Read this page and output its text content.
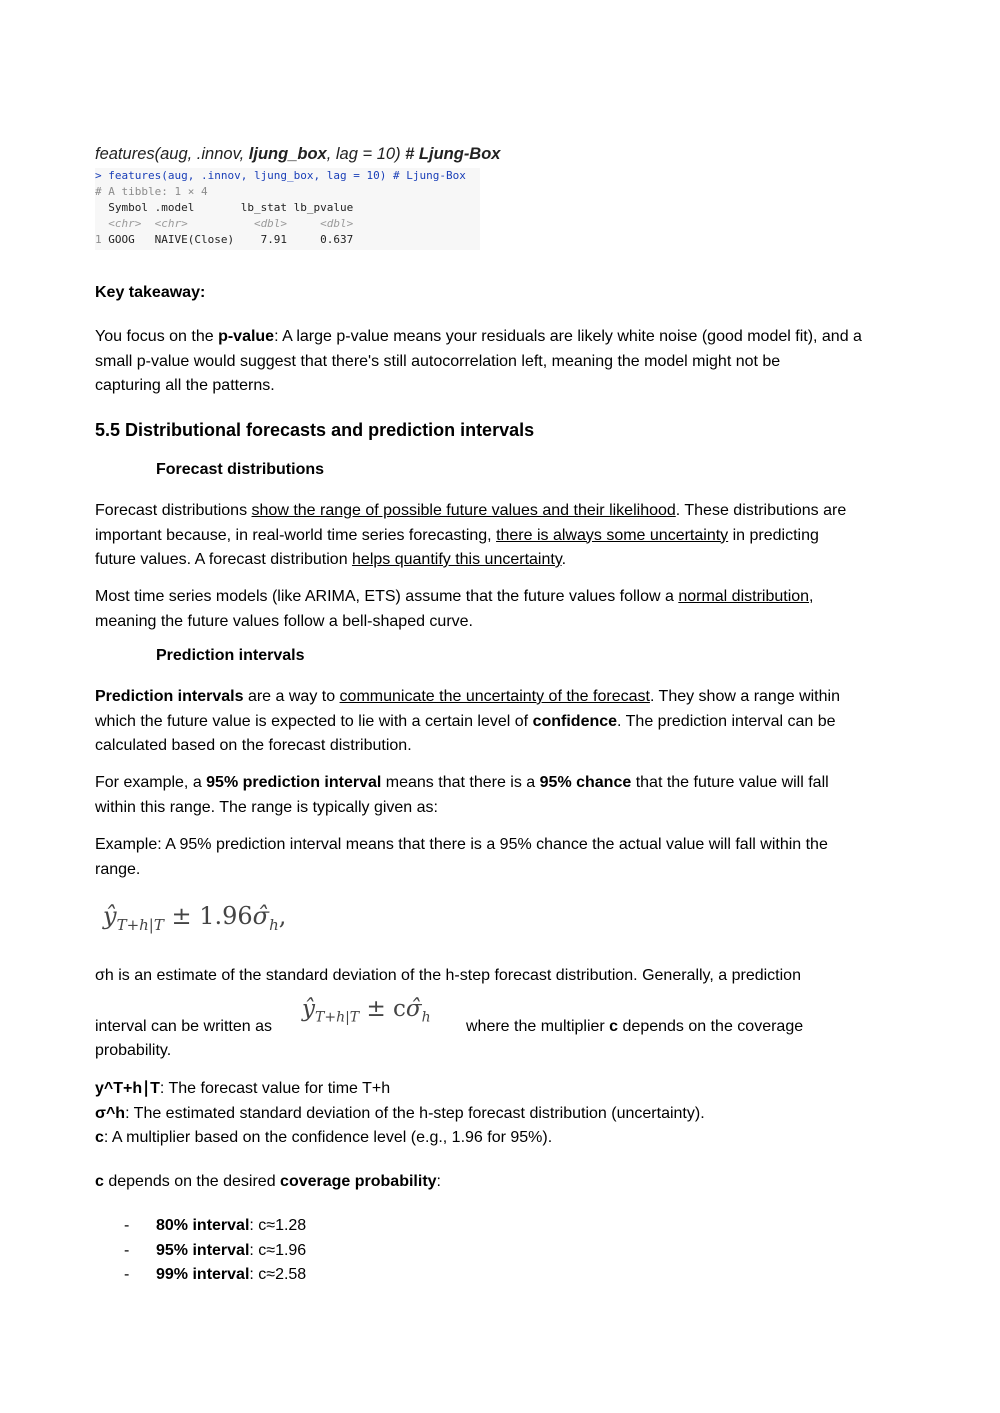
features(aug, .innov, ljung_box, lag = 10) # Ljung-Box
> features(aug, .innov, ljung_box, lag = 10) # Ljung-Box
# A tibble: 1 × 4
Symbol .model       lb_stat lb_pvalue
<chr>  <chr>          <dbl>     <dbl>
1 GOOG   NAIVE(Close)    7.91     0.637
Key takeaway:
You focus on the p-value: A large p-value means your residuals are likely white noise (good model fit), and a
small p-value would suggest that there's still autocorrelation left, meaning the model might not be
capturing all the patterns.
5.5 Distributional forecasts and prediction intervals
Forecast distributions
Forecast distributions show the range of possible future values and their likelihood. These distributions are
important because, in real-world time series forecasting, there is always some uncertainty in predicting
future values. A forecast distribution helps quantify this uncertainty.
Most time series models (like ARIMA, ETS) assume that the future values follow a normal distribution,
meaning the future values follow a bell-shaped curve.
Prediction intervals
Prediction intervals are a way to communicate the uncertainty of the forecast. They show a range within
which the future value is expected to lie with a certain level of confidence. The prediction interval can be
calculated based on the forecast distribution.
For example, a 95% prediction interval means that there is a 95% chance that the future value will fall
within this range. The range is typically given as:
Example: A 95% prediction interval means that there is a 95% chance the actual value will fall within the
range.
$ŷ_{T+h|T}$ ± $1.96\sigmâ_h$,
σh is an estimate of the standard deviation of the h-step forecast distribution. Generally, a prediction
interval can be written as
$ŷ_{T+h|T}$ ± $c\sigmâ_h$
where the multiplier c depends on the coverage
probability.
y^T+h∣T: The forecast value for time T+h
σ^h: The estimated standard deviation of the h-step forecast distribution (uncertainty).
c: A multiplier based on the confidence level (e.g., 1.96 for 95%).
c depends on the desired coverage probability:
- 80% interval: c≈1.28
- 95% interval: c≈1.96
- 99% interval: c≈2.58
